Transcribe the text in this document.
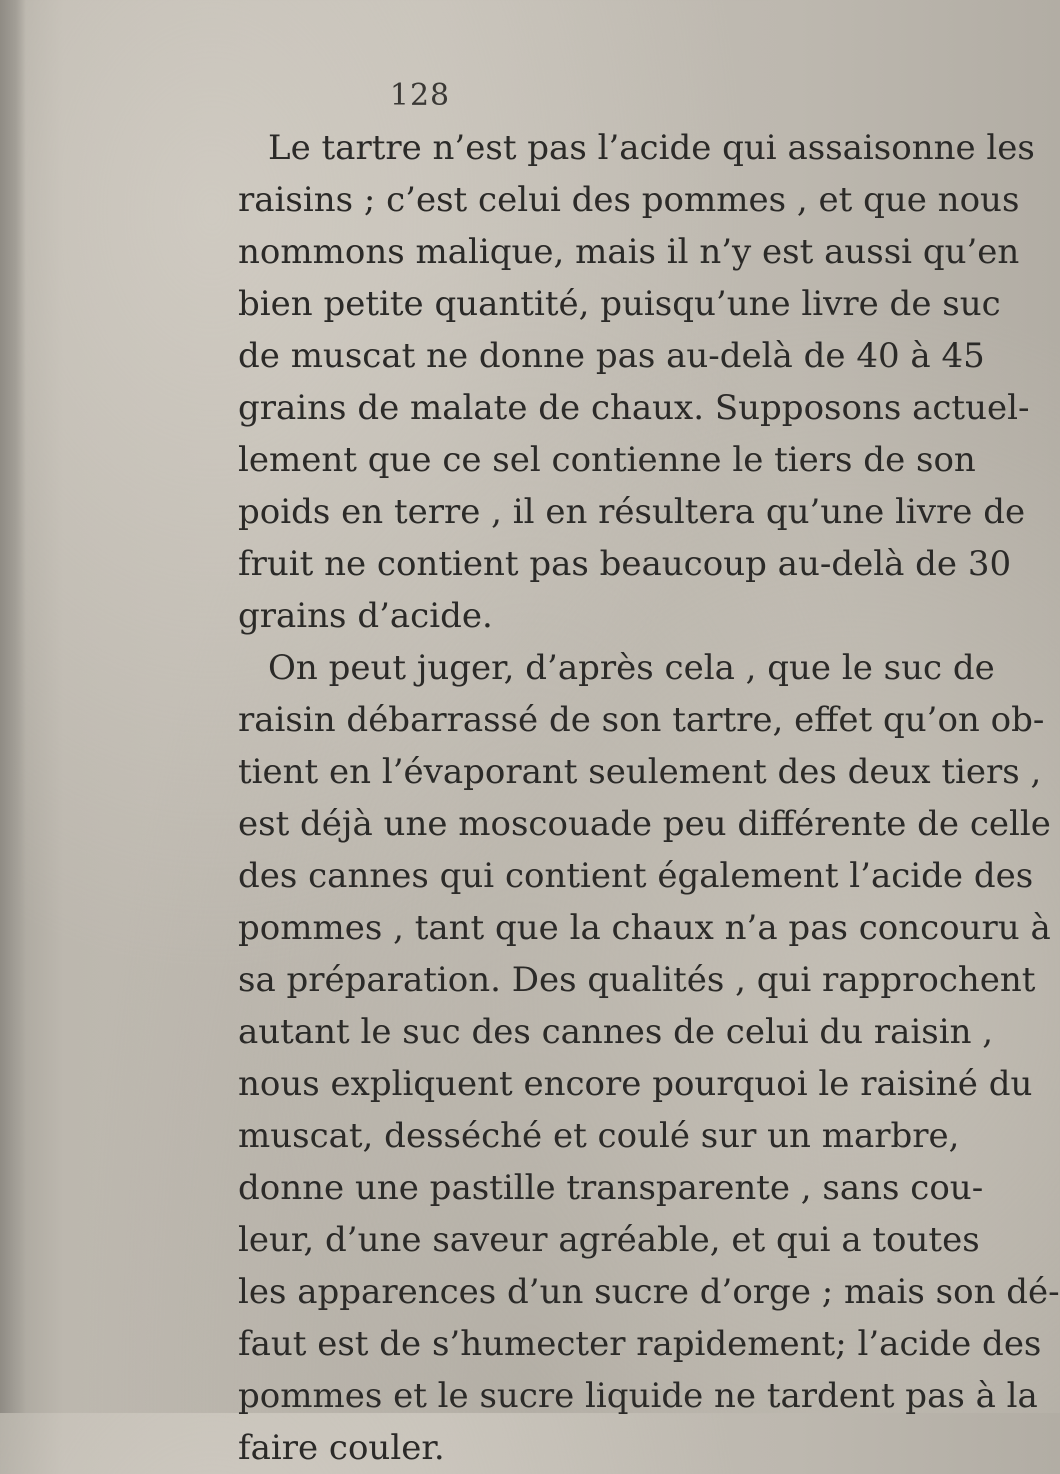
128
Le tartre n’est pas l’acide qui assaisonne les
raisins ; c’est celui des pommes , et que nous
nommons malique, mais il n’y est aussi qu’en
bien petite quantité, puisqu’une livre de suc
de muscat ne donne pas au-delà de 40 à 45
grains de malate de chaux. Supposons actuel-
lement que ce sel contienne le tiers de son
poids en terre , il en résultera qu’une livre de
fruit ne contient pas beaucoup au-delà de 30
grains d’acide.
On peut juger, d’après cela , que le suc de
raisin débarrassé de son tartre, effet qu’on ob-
tient en l’évaporant seulement des deux tiers ,
est déjà une moscouade peu différente de celle
des cannes qui contient également l’acide des
pommes , tant que la chaux n’a pas concouru à
sa préparation. Des qualités , qui rapprochent
autant le suc des cannes de celui du raisin ,
nous expliquent encore pourquoi le raisiné du
muscat, desséché et coulé sur un marbre,
donne une pastille transparente , sans cou-
leur, d’une saveur agréable, et qui a toutes
les apparences d’un sucre d’orge ; mais son dé-
faut est de s’humecter rapidement; l’acide des
pommes et le sucre liquide ne tardent pas à la
faire couler.
